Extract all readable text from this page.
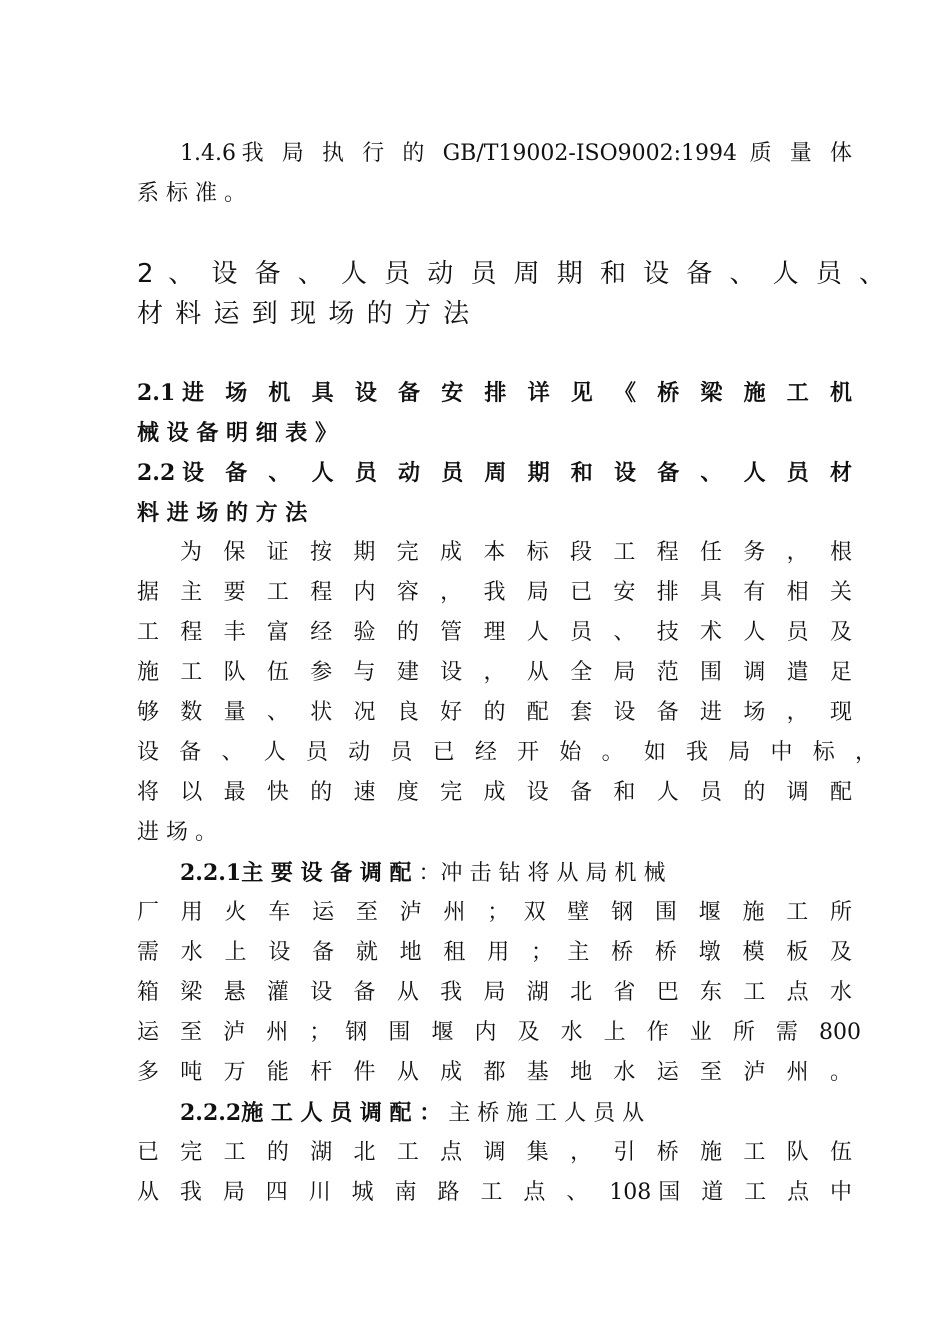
1.4.6我 局 执 行 的 GB/T19002-ISO9002:1994 质 量 体
系 标 准 。
2 、 设 备 、 人 员 动 员 周 期 和 设 备 、 人 员 、
材 料 运 到 现 场 的 方 法
2.1进 场 机 具 设 备 安 排 详 见 《 桥 梁 施 工 机
械 设 备 明 细 表 》
2.2设 备 、 人 员 动 员 周 期 和 设 备 、 人 员 材
料 进 场 的 方 法
为 保 证 按 期 完 成 本 标 段 工 程 任 务 ， 根
据 主 要 工 程 内 容 ， 我 局 已 安 排 具 有 相 关
工 程 丰 富 经 验 的 管 理 人 员 、 技 术 人 员 及
施 工 队 伍 参 与 建 设 ， 从 全 局 范 围 调 遣 足
够 数 量 、 状 况 良 好 的 配 套 设 备 进 场 ， 现
设 备 、 人 员 动 员 已 经 开 始 。 如 我 局 中 标 ，
将 以 最 快 的 速 度 完 成 设 备 和 人 员 的 调 配
进 场 。
2.2.1主 要 设 备 调 配 ：冲 击 钻 将 从 局 机 械
厂 用 火 车 运 至 泸 州 ； 双 壁 钢 围 堰 施 工 所
需 水 上 设 备 就 地 租 用 ； 主 桥 桥 墩 模 板 及
箱 梁 悬 灌 设 备 从 我 局 湖 北 省 巴 东 工 点 水
运 至 泸 州 ； 钢 围 堰 内 及 水 上 作 业 所 需 800
多 吨 万 能 杆 件 从 成 都 基 地 水 运 至 泸 州 。
2.2.2施 工 人 员 调 配 ： 主 桥 施 工 人 员 从
已 完 工 的 湖 北 工 点 调 集 ， 引 桥 施 工 队 伍
从 我 局 四 川 城 南 路 工 点 、 108国 道 工 点 中
